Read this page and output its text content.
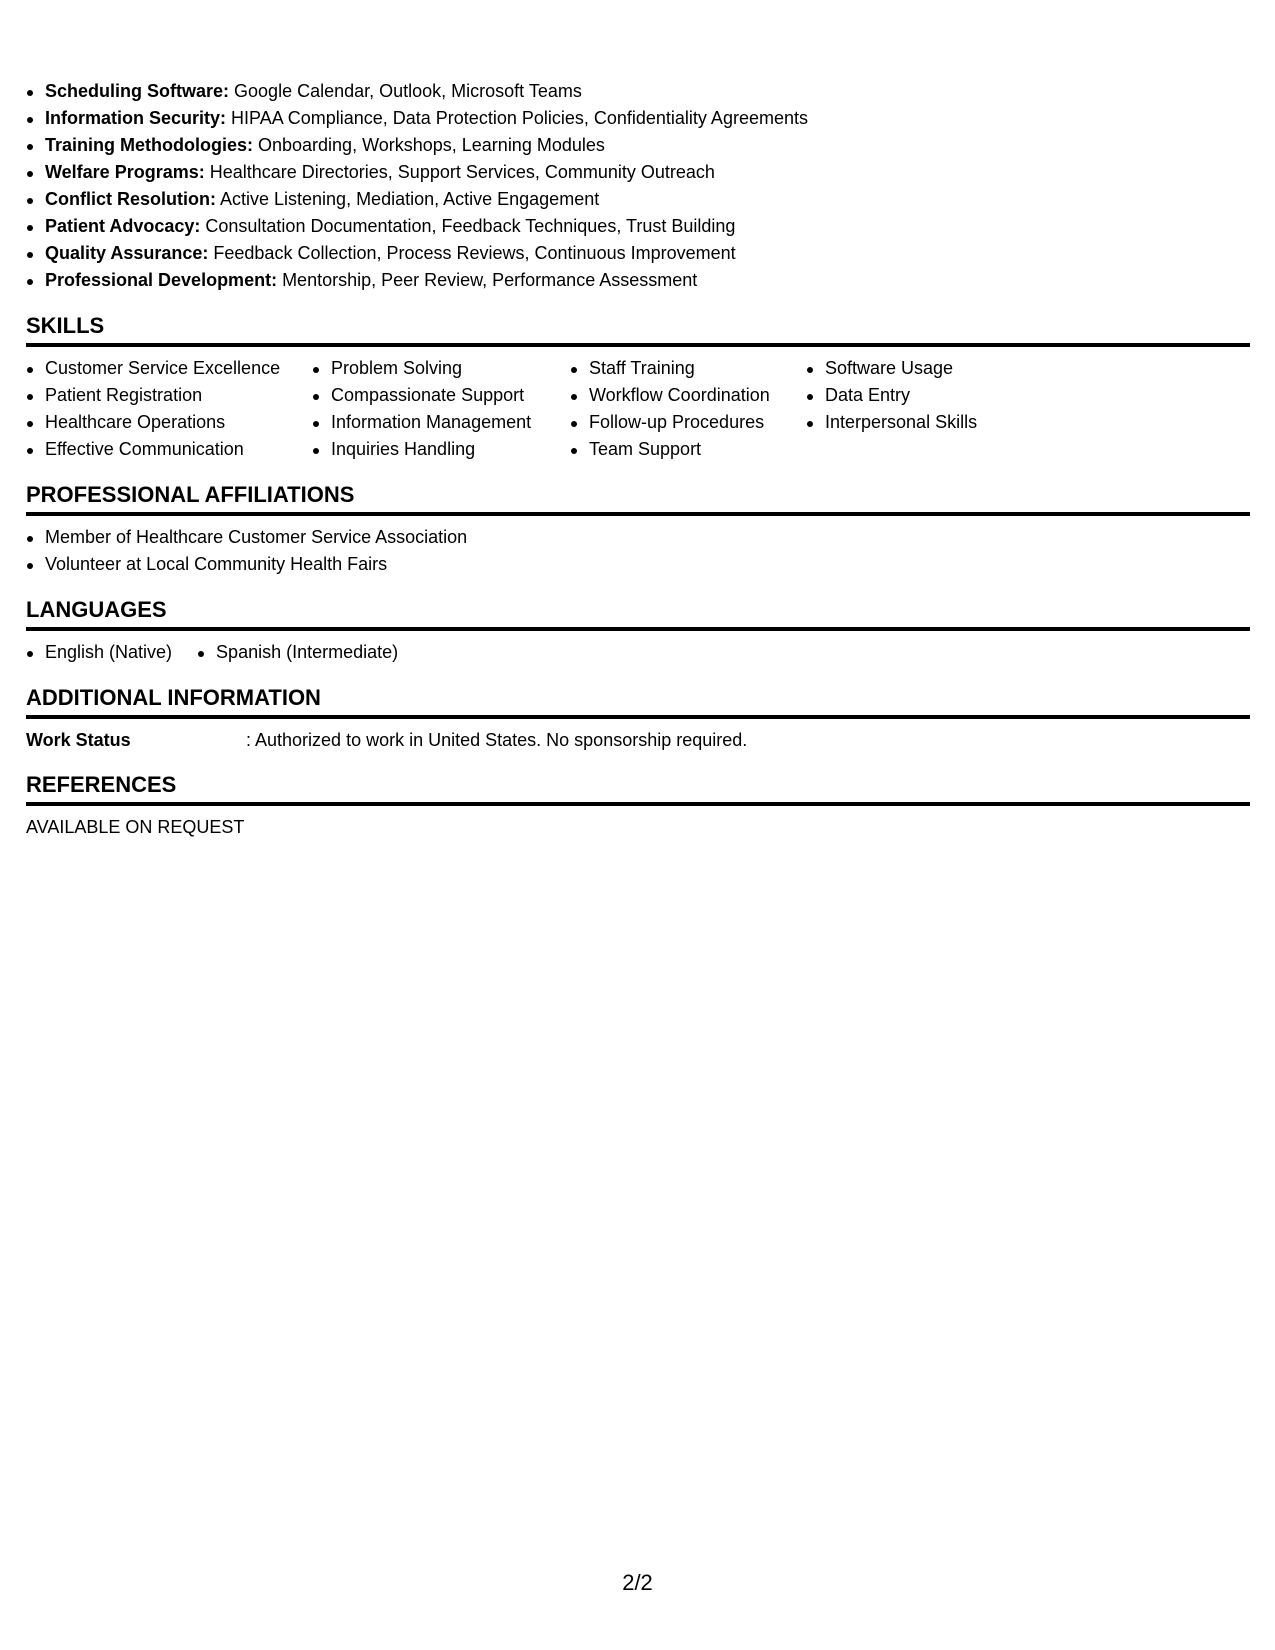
Scheduling Software: Google Calendar, Outlook, Microsoft Teams
Information Security: HIPAA Compliance, Data Protection Policies, Confidentiality Agreements
Training Methodologies: Onboarding, Workshops, Learning Modules
Welfare Programs: Healthcare Directories, Support Services, Community Outreach
Conflict Resolution: Active Listening, Mediation, Active Engagement
Patient Advocacy: Consultation Documentation, Feedback Techniques, Trust Building
Quality Assurance: Feedback Collection, Process Reviews, Continuous Improvement
Professional Development: Mentorship, Peer Review, Performance Assessment
SKILLS
Customer Service Excellence
Patient Registration
Healthcare Operations
Effective Communication
Problem Solving
Compassionate Support
Information Management
Inquiries Handling
Staff Training
Workflow Coordination
Follow-up Procedures
Team Support
Software Usage
Data Entry
Interpersonal Skills
PROFESSIONAL AFFILIATIONS
Member of Healthcare Customer Service Association
Volunteer at Local Community Health Fairs
LANGUAGES
English (Native)	Spanish (Intermediate)
ADDITIONAL INFORMATION
Work Status	: Authorized to work in United States. No sponsorship required.
REFERENCES
AVAILABLE ON REQUEST
2/2
